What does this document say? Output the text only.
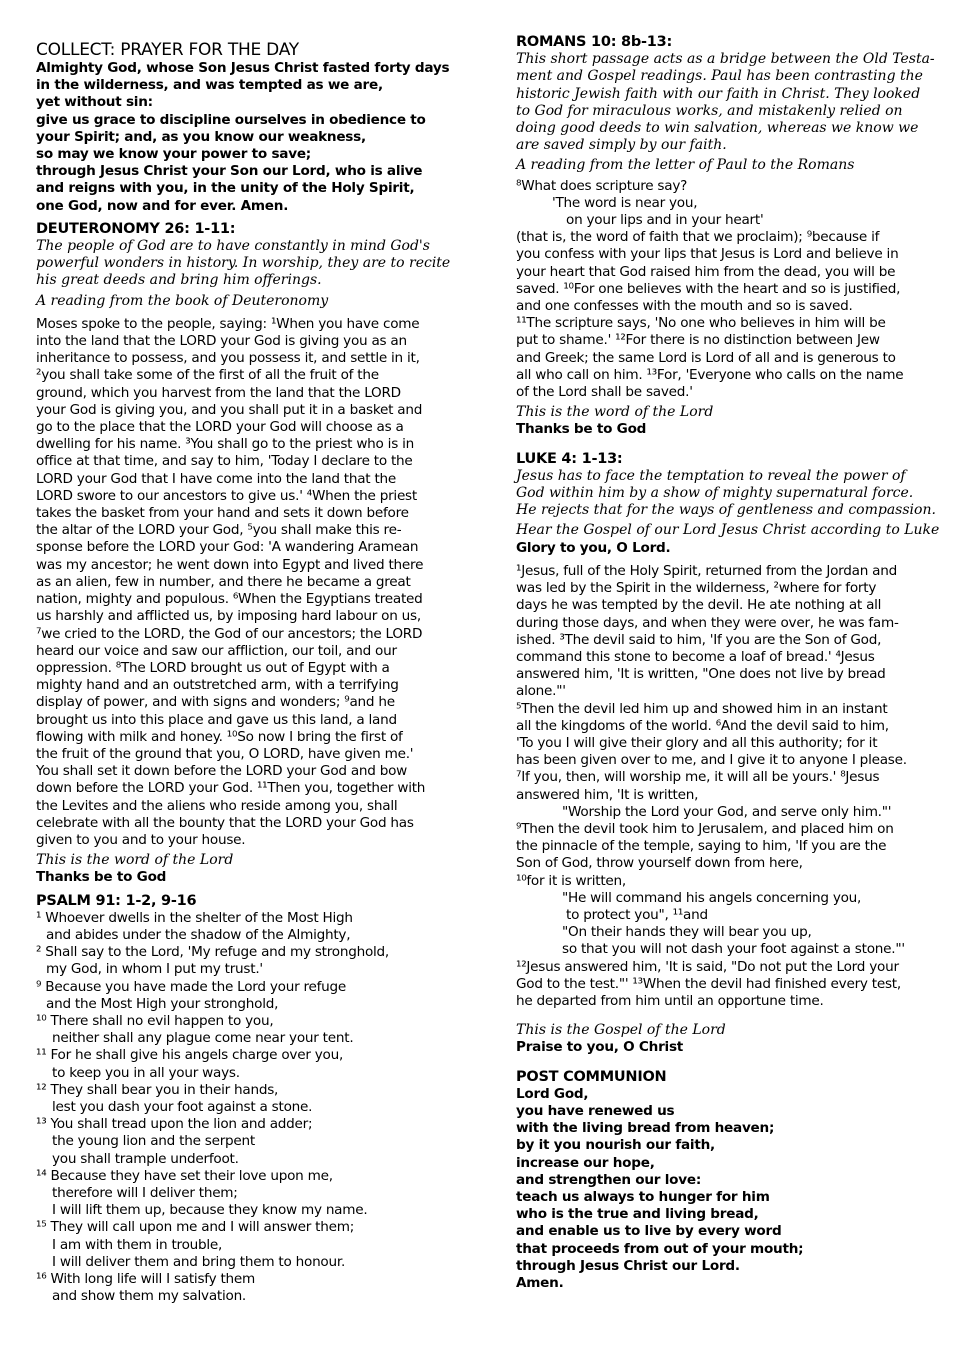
COLLECT: PRAYER FOR THE DAY
Almighty God, whose Son Jesus Christ fasted forty days
in the wilderness, and was tempted as we are,
yet without sin:
give us grace to discipline ourselves in obedience to
your Spirit; and, as you know our weakness,
so may we know your power to save;
through Jesus Christ your Son our Lord, who is alive
and reigns with you, in the unity of the Holy Spirit,
one God, now and for ever. Amen.
DEUTERONOMY 26: 1-11:
The people of God are to have constantly in mind God's
powerful wonders in history. In worship, they are to recite
his great deeds and bring him offerings.
A reading from the book of Deuteronomy
Moses spoke to the people, saying: ¹When you have come
into the land that the LORD your God is giving you as an
inheritance to possess, and you possess it, and settle in it,
²you shall take some of the first of all the fruit of the
ground, which you harvest from the land that the LORD
your God is giving you, and you shall put it in a basket and
go to the place that the LORD your God will choose as a
dwelling for his name. ³You shall go to the priest who is in
office at that time, and say to him, 'Today I declare to the
LORD your God that I have come into the land that the
LORD swore to our ancestors to give us.' ⁴When the priest
takes the basket from your hand and sets it down before
the altar of the LORD your God, ⁵you shall make this re-
sponse before the LORD your God: 'A wandering Aramean
was my ancestor; he went down into Egypt and lived there
as an alien, few in number, and there he became a great
nation, mighty and populous. ⁶When the Egyptians treated
us harshly and afflicted us, by imposing hard labour on us,
⁷we cried to the LORD, the God of our ancestors; the LORD
heard our voice and saw our affliction, our toil, and our
oppression. ⁸The LORD brought us out of Egypt with a
mighty hand and an outstretched arm, with a terrifying
display of power, and with signs and wonders; ⁹and he
brought us into this place and gave us this land, a land
flowing with milk and honey. ¹⁰So now I bring the first of
the fruit of the ground that you, O LORD, have given me.'
You shall set it down before the LORD your God and bow
down before the LORD your God. ¹¹Then you, together with
the Levites and the aliens who reside among you, shall
celebrate with all the bounty that the LORD your God has
given to you and to your house.
This is the word of the Lord
Thanks be to God
PSALM 91: 1-2, 9-16
¹ Whoever dwells in the shelter of the Most High
and abides under the shadow of the Almighty,
² Shall say to the Lord, 'My refuge and my stronghold,
my God, in whom I put my trust.'
⁹ Because you have made the Lord your refuge
and the Most High your stronghold,
¹⁰ There shall no evil happen to you,
neither shall any plague come near your tent.
¹¹ For he shall give his angels charge over you,
to keep you in all your ways.
¹² They shall bear you in their hands,
lest you dash your foot against a stone.
¹³ You shall tread upon the lion and adder;
the young lion and the serpent
you shall trample underfoot.
¹⁴ Because they have set their love upon me,
therefore will I deliver them;
I will lift them up, because they know my name.
¹⁵ They will call upon me and I will answer them;
I am with them in trouble,
I will deliver them and bring them to honour.
¹⁶ With long life will I satisfy them
and show them my salvation.
ROMANS 10: 8b-13:
This short passage acts as a bridge between the Old Testa-
ment and Gospel readings. Paul has been contrasting the
historic Jewish faith with our faith in Christ. They looked
to God for miraculous works, and mistakenly relied on
doing good deeds to win salvation, whereas we know we
are saved simply by our faith.
A reading from the letter of Paul to the Romans
⁸What does scripture say?
'The word is near you,
on your lips and in your heart'
(that is, the word of faith that we proclaim); ⁹because if
you confess with your lips that Jesus is Lord and believe in
your heart that God raised him from the dead, you will be
saved. ¹⁰For one believes with the heart and so is justified,
and one confesses with the mouth and so is saved.
¹¹The scripture says, 'No one who believes in him will be
put to shame.' ¹²For there is no distinction between Jew
and Greek; the same Lord is Lord of all and is generous to
all who call on him. ¹³For, 'Everyone who calls on the name
of the Lord shall be saved.'
This is the word of the Lord
Thanks be to God
LUKE 4: 1-13:
Jesus has to face the temptation to reveal the power of
God within him by a show of mighty supernatural force.
He rejects that for the ways of gentleness and compassion.
Hear the Gospel of our Lord Jesus Christ according to Luke
Glory to you, O Lord.
¹Jesus, full of the Holy Spirit, returned from the Jordan and
was led by the Spirit in the wilderness, ²where for forty
days he was tempted by the devil. He ate nothing at all
during those days, and when they were over, he was fam-
ished. ³The devil said to him, 'If you are the Son of God,
command this stone to become a loaf of bread.' ⁴Jesus
answered him, 'It is written, "One does not live by bread
alone."'
⁵Then the devil led him up and showed him in an instant
all the kingdoms of the world. ⁶And the devil said to him,
'To you I will give their glory and all this authority; for it
has been given over to me, and I give it to anyone I please.
⁷If you, then, will worship me, it will all be yours.' ⁸Jesus
answered him, 'It is written,
"Worship the Lord your God, and serve only him."'
⁹Then the devil took him to Jerusalem, and placed him on
the pinnacle of the temple, saying to him, 'If you are the
Son of God, throw yourself down from here,
¹⁰for it is written,
"He will command his angels concerning you,
to protect you", ¹¹and
"On their hands they will bear you up,
so that you will not dash your foot against a stone."'
¹²Jesus answered him, 'It is said, "Do not put the Lord your
God to the test."' ¹³When the devil had finished every test,
he departed from him until an opportune time.
This is the Gospel of the Lord
Praise to you, O Christ
POST COMMUNION
Lord God,
you have renewed us
with the living bread from heaven;
by it you nourish our faith,
increase our hope,
and strengthen our love:
teach us always to hunger for him
who is the true and living bread,
and enable us to live by every word
that proceeds from out of your mouth;
through Jesus Christ our Lord.
Amen.
